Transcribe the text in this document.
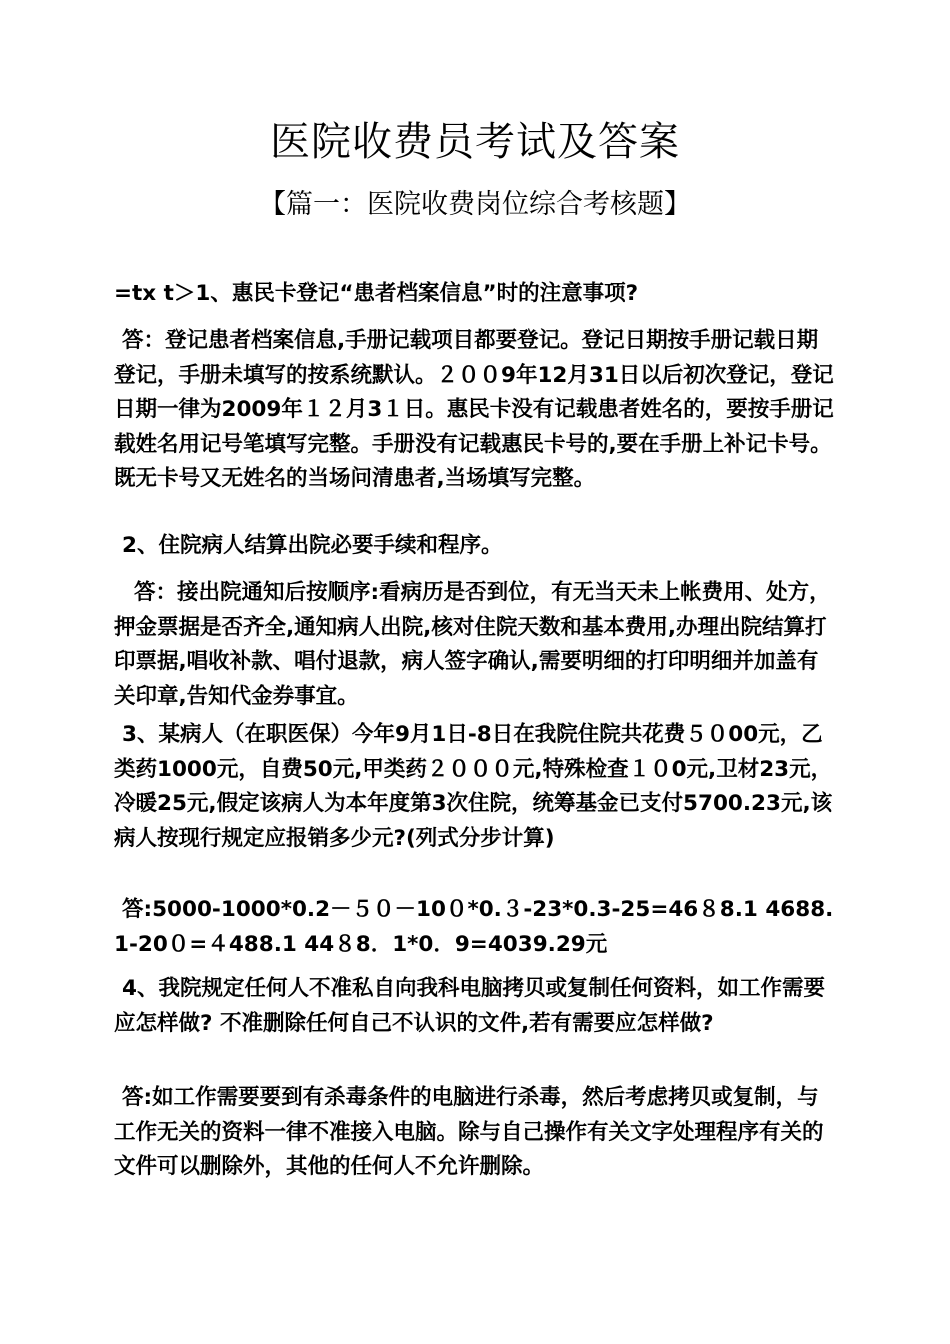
医院收费员考试及答案
【篇一：医院收费岗位综合考核题】
=tx t＞1、惠民卡登记“患者档案信息”时的注意事项?
答：登记患者档案信息,手册记载项目都要登记。登记日期按手册记载日期登记，手册未填写的按系统默认。２００9年12月31日以后初次登记，登记日期一律为2009年１２月3１日。惠民卡没有记载患者姓名的，要按手册记载姓名用记号笔填写完整。手册没有记载惠民卡号的,要在手册上补记卡号。既无卡号又无姓名的当场问清患者,当场填写完整。
2、住院病人结算出院必要手续和程序。
答：接出院通知后按顺序:看病历是否到位，有无当天未上帐费用、处方，押金票据是否齐全,通知病人出院,核对住院天数和基本费用,办理出院结算打印票据,唱收补款、唱付退款，病人签字确认,需要明细的打印明细并加盖有关印章,告知代金券事宜。
3、某病人（在职医保）今年9月1日-8日在我院住院共花费５０00元，乙类药1000元，自费50元,甲类药２０００元,特殊检查１０0元,卫材23元，冷暖25元,假定该病人为本年度第3次住院，统筹基金已支付5700.23元,该病人按现行规定应报销多少元?(列式分步计算)
答:5000-1000*0.2－５０－10０*0.３-23*0.3-25=46８8.1 4688.1-20０=４488.1 44８8．1*0．9=4039.29元
4、我院规定任何人不准私自向我科电脑拷贝或复制任何资料，如工作需要应怎样做? 不准删除任何自己不认识的文件,若有需要应怎样做?
答:如工作需要要到有杀毒条件的电脑进行杀毒，然后考虑拷贝或复制，与工作无关的资料一律不准接入电脑。除与自己操作有关文字处理程序有关的文件可以删除外，其他的任何人不允许删除。
